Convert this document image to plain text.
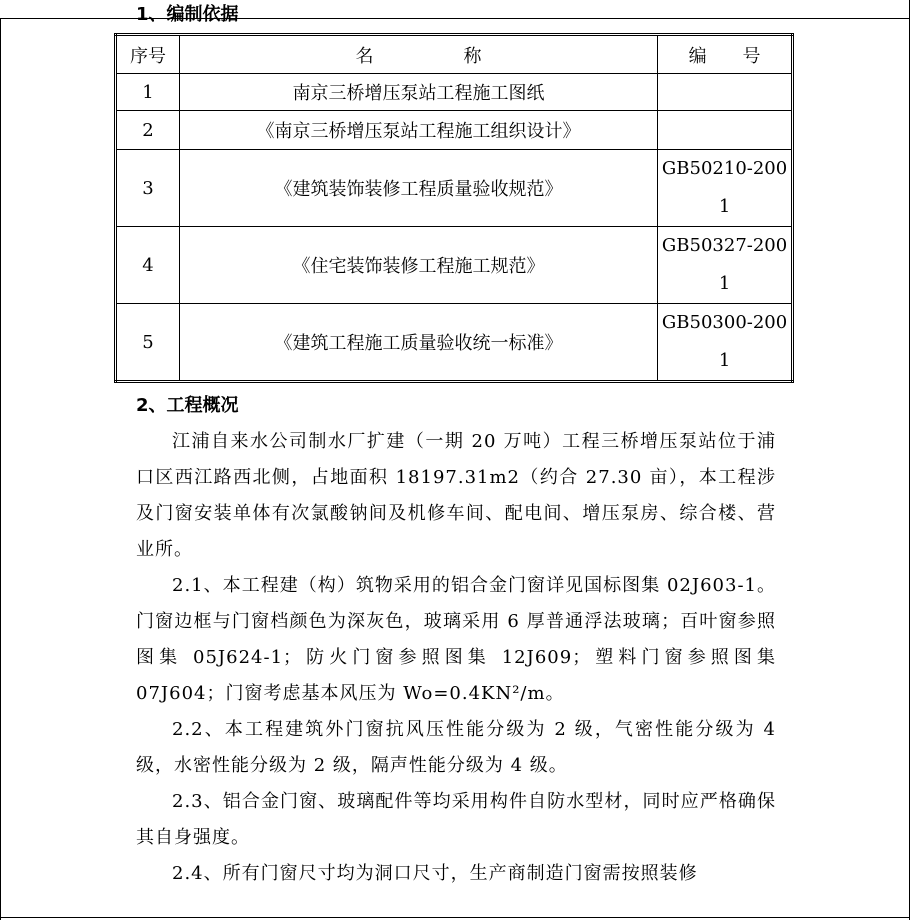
1、编制依据
序号	名　　　　　称	编　　号
1	南京三桥增压泵站工程施工图纸	
2	《南京三桥增压泵站工程施工组织设计》	
3	《建筑装饰装修工程质量验收规范》	GB50210-2001
4	《住宅装饰装修工程施工规范》	GB50327-2001
5	《建筑工程施工质量验收统一标准》	GB50300-2001
2、工程概况

江浦自来水公司制水厂扩建（一期 20 万吨）工程三桥增压泵站位于浦口区西江路西北侧，占地面积 18197.31m2（约合 27.30 亩），本工程涉及门窗安装单体有次氯酸钠间及机修车间、配电间、增压泵房、综合楼、营业所。

2.1、本工程建（构）筑物采用的铝合金门窗详见国标图集 02J603-1。门窗边框与门窗档颜色为深灰色，玻璃采用 6 厚普通浮法玻璃；百叶窗参照图集 05J624-1；防火门窗参照图集 12J609；塑料门窗参照图集 07J604；门窗考虑基本风压为 Wo=0.4KN²/m。

2.2、本工程建筑外门窗抗风压性能分级为 2 级，气密性能分级为 4 级，水密性能分级为 2 级，隔声性能分级为 4 级。

2.3、铝合金门窗、玻璃配件等均采用构件自防水型材，同时应严格确保其自身强度。

2.4、所有门窗尺寸均为洞口尺寸，生产商制造门窗需按照装修
